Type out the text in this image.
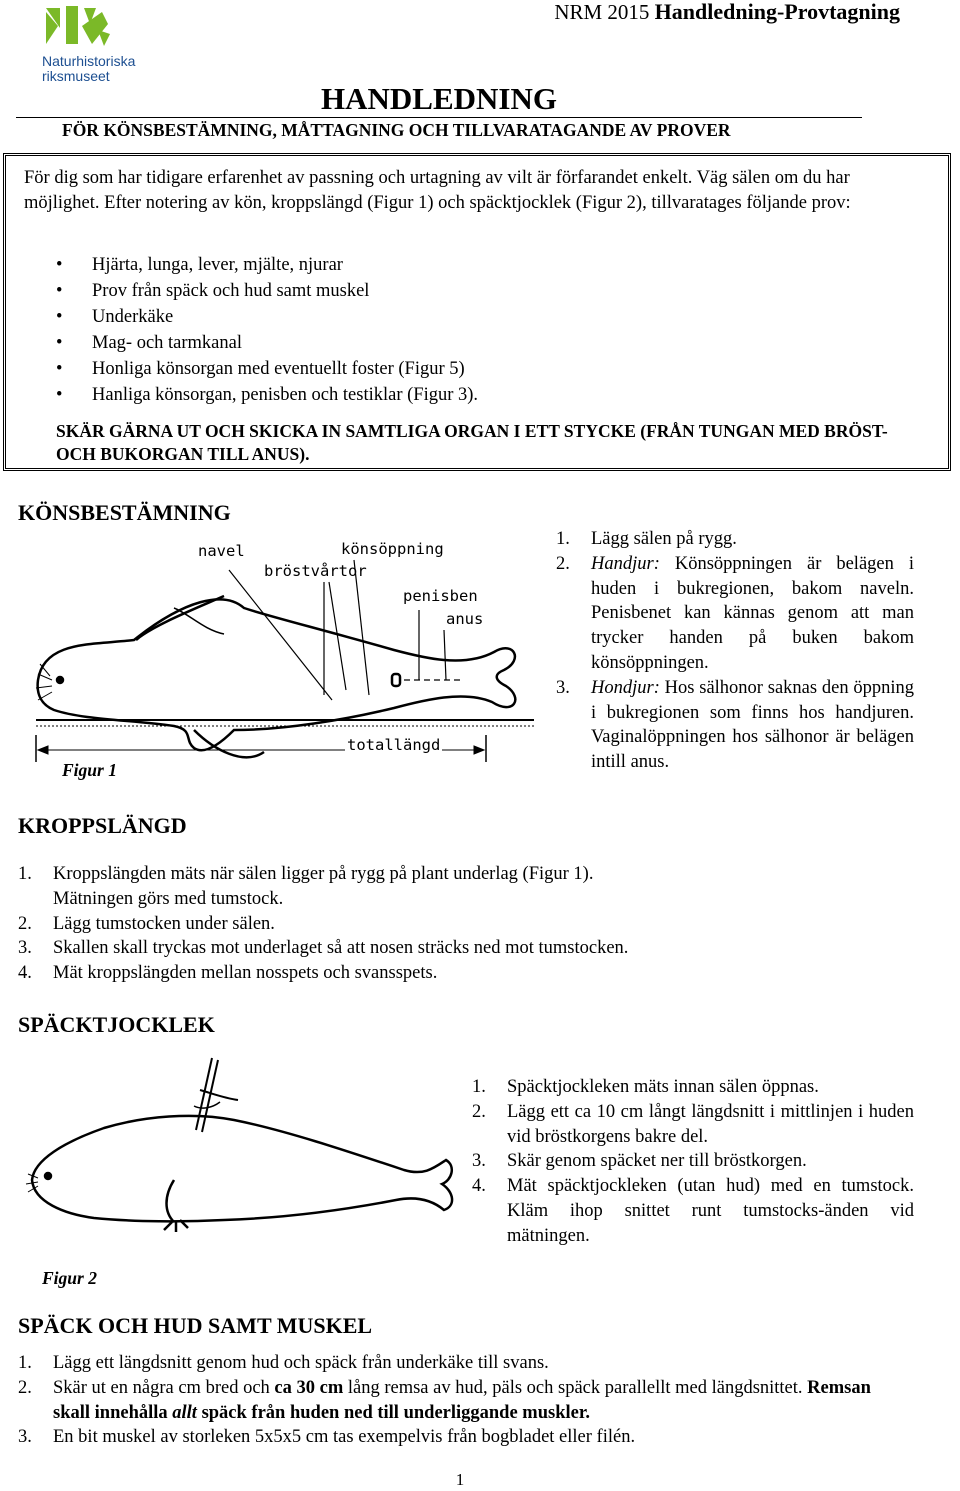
Naturhistoriska
riksmuseet
NRM 2015 Handledning-Provtagning
HANDLEDNING
FÖR KÖNSBESTÄMNING, MÅTTAGNING OCH TILLVARATAGANDE AV PROVER
För dig som har tidigare erfarenhet av passning och urtagning av vilt är förfarandet enkelt. Väg sälen om du har möjlighet. Efter notering av kön, kroppslängd (Figur 1) och späcktjocklek (Figur 2), tillvaratages följande prov:
• Hjärta, lunga, lever, mjälte, njurar
• Prov från späck och hud samt muskel
• Underkäke
• Mag- och tarmkanal
• Honliga könsorgan med eventuellt foster (Figur 5)
• Hanliga könsorgan, penisben och testiklar (Figur 3).
SKÄR GÄRNA UT OCH SKICKA IN SAMTLIGA ORGAN I ETT STYCKE (FRÅN TUNGAN MED BRÖST- OCH BUKORGAN TILL ANUS).
KÖNSBESTÄMNING
navel	könsöppning
bröstvårtor
penisben
anus
totallängd
Figur 1
1. Lägg sälen på rygg.
2. Handjur: Könsöppningen är belägen i huden i bukregionen, bakom naveln. Penisbenet kan kännas genom att man trycker handen på buken bakom könsöppningen.
3. Hondjur: Hos sälhonor saknas den öppning i bukregionen som finns hos handjuren. Vaginalöppningen hos sälhonor är belägen intill anus.
KROPPSLÄNGD
1. Kroppslängden mäts när sälen ligger på rygg på plant underlag (Figur 1).
Mätningen görs med tumstock.
2. Lägg tumstocken under sälen.
3. Skallen skall tryckas mot underlaget så att nosen sträcks ned mot tumstocken.
4. Mät kroppslängden mellan nosspets och svansspets.
SPÄCKTJOCKLEK
Figur 2
1. Späcktjockleken mäts innan sälen öppnas.
2. Lägg ett ca 10 cm långt längdsnitt i mittlinjen i huden vid bröstkorgens bakre del.
3. Skär genom späcket ner till bröstkorgen.
4. Mät späcktjockleken (utan hud) med en tumstock. Kläm ihop snittet runt tumstocks-änden vid mätningen.
SPÄCK OCH HUD SAMT MUSKEL
1. Lägg ett längdsnitt genom hud och späck från underkäke till svans.
2. Skär ut en några cm bred och ca 30 cm lång remsa av hud, päls och späck parallellt med längdsnittet. Remsan skall innehålla allt späck från huden ned till underliggande muskler.
3. En bit muskel av storleken 5x5x5 cm tas exempelvis från bogbladet eller filén.
1
